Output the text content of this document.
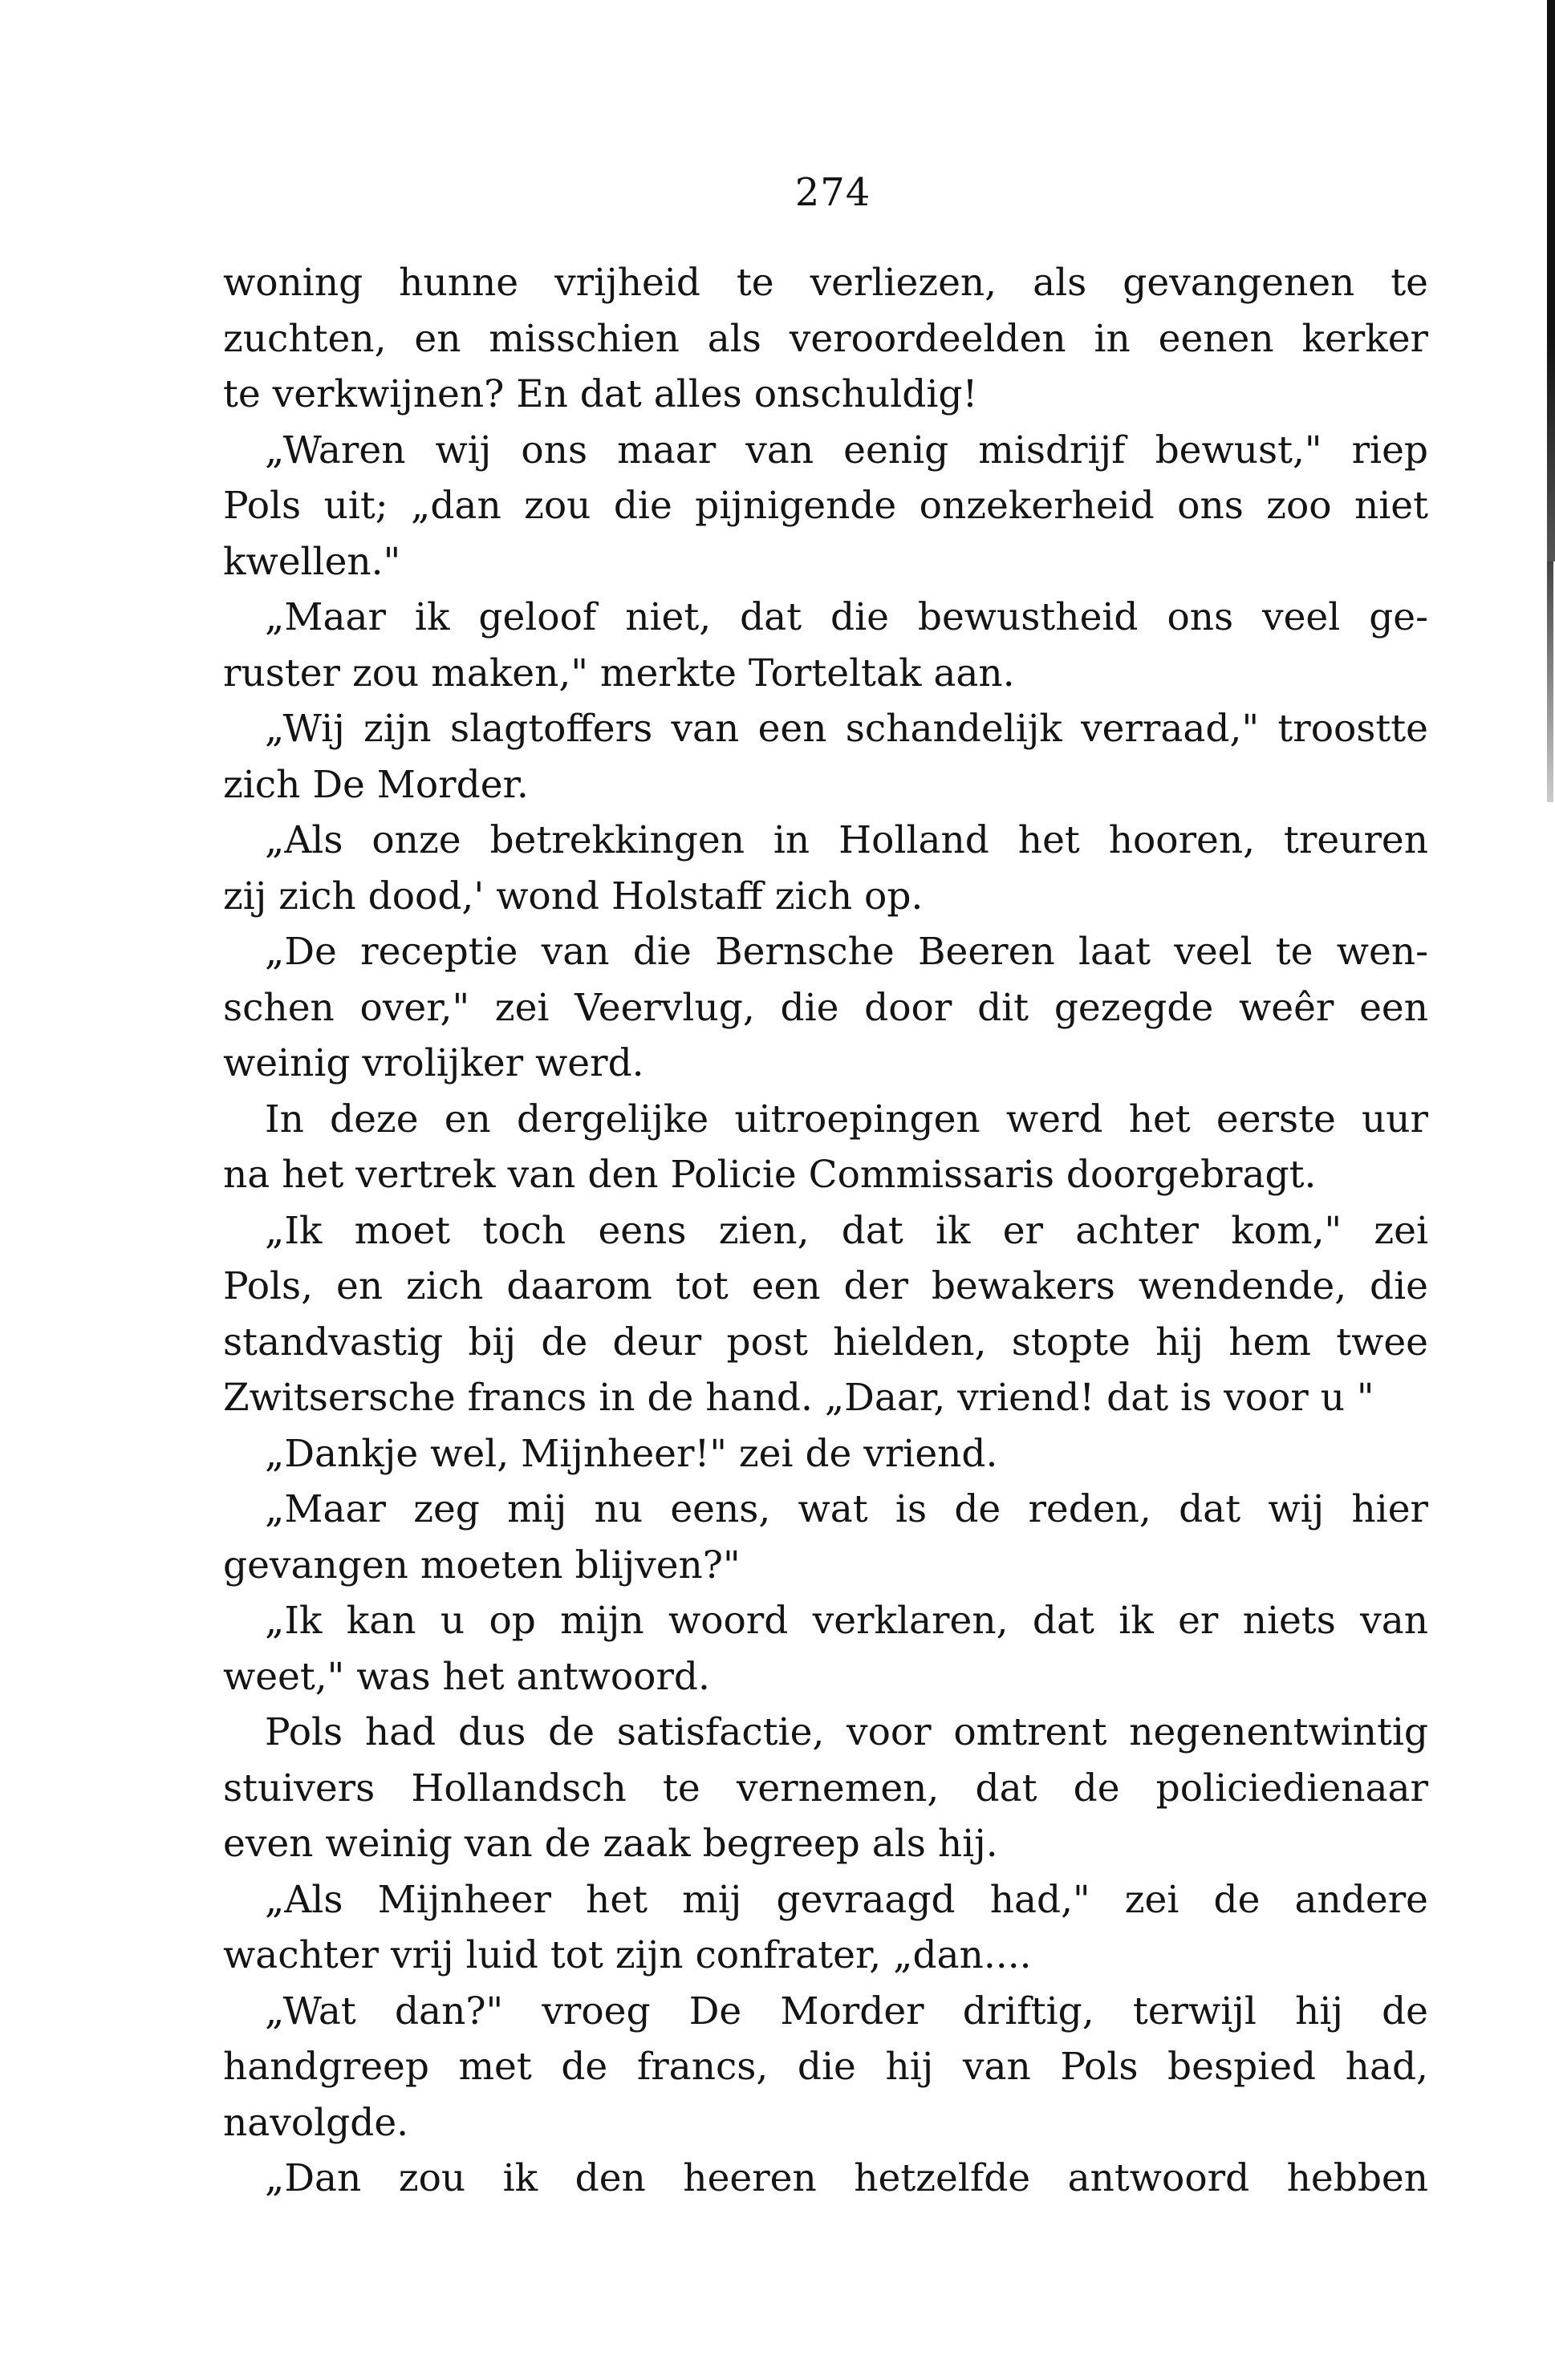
274
woning hunne vrijheid te verliezen, als gevangenen te
zuchten, en misschien als veroordeelden in eenen kerker
te verkwijnen? En dat alles onschuldig!
„Waren wij ons maar van eenig misdrijf bewust," riep
Pols uit; „dan zou die pijnigende onzekerheid ons zoo niet
kwellen."
„Maar ik geloof niet, dat die bewustheid ons veel ge-
ruster zou maken," merkte Torteltak aan.
„Wij zijn slagtoffers van een schandelijk verraad," troostte
zich De Morder.
„Als onze betrekkingen in Holland het hooren, treuren
zij zich dood,' wond Holstaff zich op.
„De receptie van die Bernsche Beeren laat veel te wen-
schen over," zei Veervlug, die door dit gezegde weêr een
weinig vrolijker werd.
In deze en dergelijke uitroepingen werd het eerste uur
na het vertrek van den Policie Commissaris doorgebragt.
„Ik moet toch eens zien, dat ik er achter kom," zei
Pols, en zich daarom tot een der bewakers wendende, die
standvastig bij de deur post hielden, stopte hij hem twee
Zwitsersche francs in de hand. „Daar, vriend! dat is voor u "
„Dankje wel, Mijnheer!" zei de vriend.
„Maar zeg mij nu eens, wat is de reden, dat wij hier
gevangen moeten blijven?"
„Ik kan u op mijn woord verklaren, dat ik er niets van
weet," was het antwoord.
Pols had dus de satisfactie, voor omtrent negenentwintig
stuivers Hollandsch te vernemen, dat de policiedienaar
even weinig van de zaak begreep als hij.
„Als Mijnheer het mij gevraagd had," zei de andere
wachter vrij luid tot zijn confrater, „dan....
„Wat dan?" vroeg De Morder driftig, terwijl hij de
handgreep met de francs, die hij van Pols bespied had,
navolgde.
„Dan zou ik den heeren hetzelfde antwoord hebben
